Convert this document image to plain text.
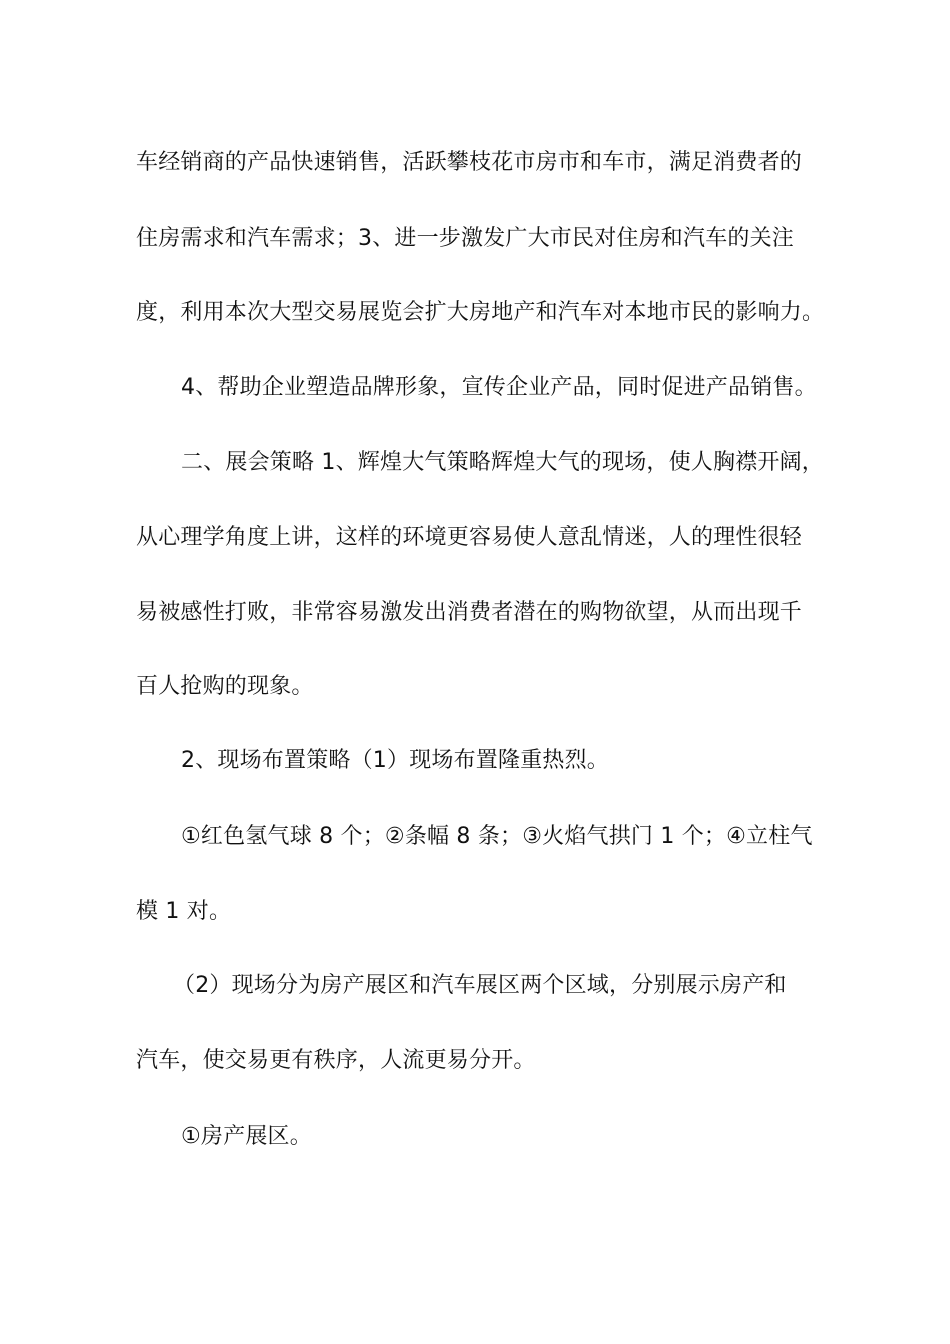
车经销商的产品快速销售，活跃攀枝花市房市和车市，满足消费者的
住房需求和汽车需求；3、进一步激发广大市民对住房和汽车的关注
度，利用本次大型交易展览会扩大房地产和汽车对本地市民的影响力。
4、帮助企业塑造品牌形象，宣传企业产品，同时促进产品销售。
二、展会策略 1、辉煌大气策略辉煌大气的现场，使人胸襟开阔，
从心理学角度上讲，这样的环境更容易使人意乱情迷，人的理性很轻
易被感性打败，非常容易激发出消费者潜在的购物欲望，从而出现千
百人抢购的现象。
2、现场布置策略（1）现场布置隆重热烈。
①红色氢气球 8 个；②条幅 8 条；③火焰气拱门 1 个；④立柱气
模 1 对。
（2）现场分为房产展区和汽车展区两个区域，分别展示房产和
汽车，使交易更有秩序，人流更易分开。
①房产展区。
